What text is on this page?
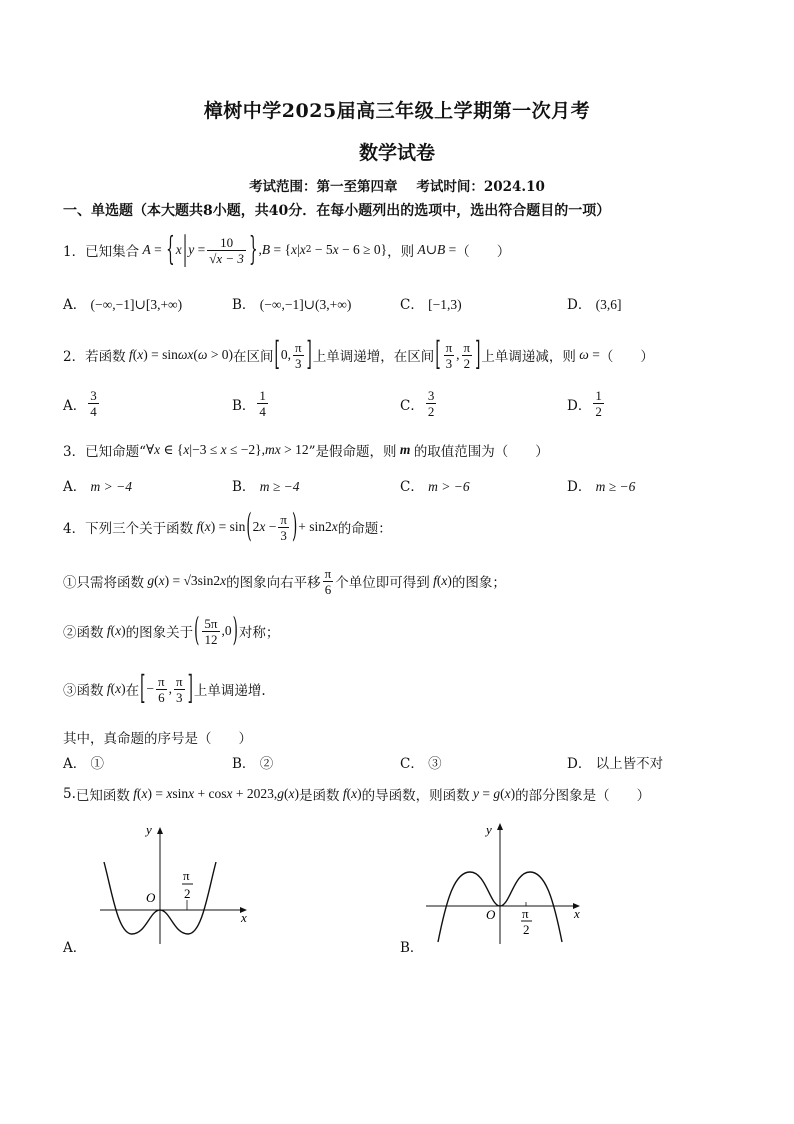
樟树中学2025届高三年级上学期第一次月考
数学试卷
考试范围：第一至第四章    考试时间：2024.10
一、单选题（本大题共8小题，共40分．在每小题列出的选项中，选出符合题目的一项）
1． 已知集合 A = { x | $y = \frac{10}{√x - 3}$ } , B = { x | x 2 − 5 x − 6 ≥ 0 } ，则 A ∪ B = （　　）
A． (−∞,−1]∪[3,+∞)	B． (−∞,−1]∪(3,+∞)	C． [−1,3)	D． (3,6]
2． 若函数 f ( x ) = sin ωx ( ω > 0) 在区间 [ 0, $\frac{\pi}{3}$ ] 上单调递增，在区间 [ $\frac{\pi}{3}$ , $\frac{\pi}{2}$ ] 上单调递减，则 ω = （　　）
A． $\frac{3}{4}$	B． $\frac{1}{4}$	C． $\frac{3}{2}$	D． $\frac{1}{2}$
3． 已知命题“ ∀ x ∈ { x |−3 ≤ x ≤ −2}, mx > 12 ”是假命题，则 m 的取值范围为（　　）
A． m > −4	B． m ≥ −4	C． m > −6	D． m ≥ −6
4． 下列三个关于函数 f ( x ) = sin ( 2 $x - \frac{\pi}{3}$ ) + sin2 x 的命题：
①只需将函数 g ( x ) = √3sin2 x 的图象向右平移 $\frac{\pi}{6}$ 个单位即可得到 f ( x ) 的图象；
②函数 f ( x ) 的图象关于 ( $\frac{5\pi}{12} ,0$ ) 对称；
③函数 f ( x ) 在 [ − $\frac{\pi}{6}$ , $\frac{\pi}{3}$ ] 上单调递增.
其中，真命题的序号是（　　）
A． ①	B． ②	C． ③	D． 以上皆不对
5. 已知函数 f ( x ) = x sin x + cos x + 2023, g ( x ) 是函数 f ( x ) 的导函数，则函数 y = g ( x ) 的部分图象是（　　）
x
y
O
π
2
A．
x
y
O π
2
B．
